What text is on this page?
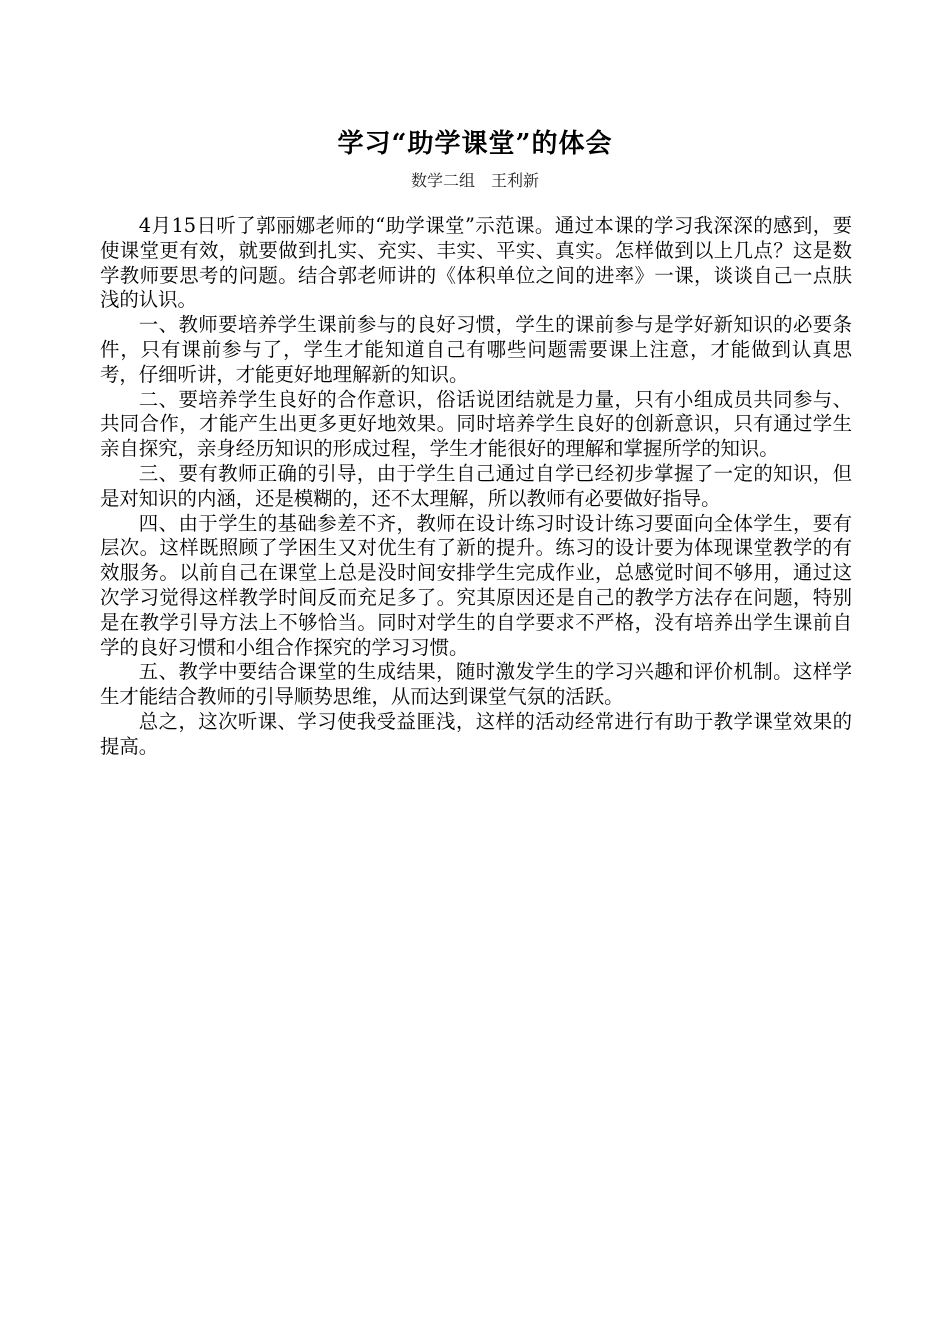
学习“助学课堂”的体会
数学二组　王利新

4月15日听了郭丽娜老师的“助学课堂”示范课。通过本课的学习我深深的感到，要使课堂更有效，就要做到扎实、充实、丰实、平实、真实。怎样做到以上几点？这是数学教师要思考的问题。结合郭老师讲的《体积单位之间的进率》一课，谈谈自己一点肤浅的认识。

一、教师要培养学生课前参与的良好习惯，学生的课前参与是学好新知识的必要条件，只有课前参与了，学生才能知道自己有哪些问题需要课上注意，才能做到认真思考，仔细听讲，才能更好地理解新的知识。

二、要培养学生良好的合作意识，俗话说团结就是力量，只有小组成员共同参与、共同合作，才能产生出更多更好地效果。同时培养学生良好的创新意识，只有通过学生亲自探究，亲身经历知识的形成过程，学生才能很好的理解和掌握所学的知识。

三、要有教师正确的引导，由于学生自己通过自学已经初步掌握了一定的知识，但是对知识的内涵，还是模糊的，还不太理解，所以教师有必要做好指导。

四、由于学生的基础参差不齐，教师在设计练习时设计练习要面向全体学生，要有层次。这样既照顾了学困生又对优生有了新的提升。练习的设计要为体现课堂教学的有效服务。以前自己在课堂上总是没时间安排学生完成作业，总感觉时间不够用，通过这次学习觉得这样教学时间反而充足多了。究其原因还是自己的教学方法存在问题，特别是在教学引导方法上不够恰当。同时对学生的自学要求不严格，没有培养出学生课前自学的良好习惯和小组合作探究的学习习惯。

五、教学中要结合课堂的生成结果，随时激发学生的学习兴趣和评价机制。这样学生才能结合教师的引导顺势思维，从而达到课堂气氛的活跃。

总之，这次听课、学习使我受益匪浅，这样的活动经常进行有助于教学课堂效果的提高。
